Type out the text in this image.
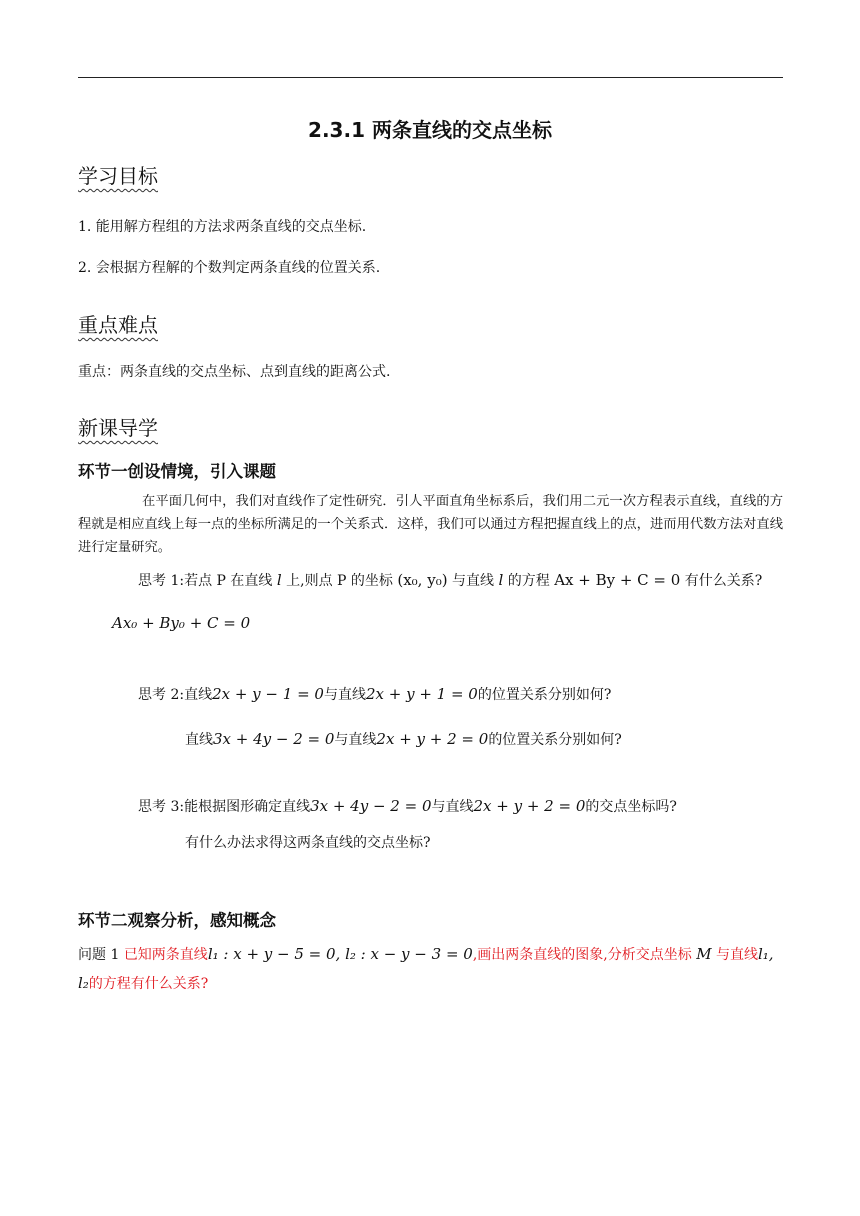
2.3.1 两条直线的交点坐标
学习目标
1. 能用解方程组的方法求两条直线的交点坐标.
2. 会根据方程解的个数判定两条直线的位置关系.
重点难点
重点：两条直线的交点坐标、点到直线的距离公式.
新课导学
环节一创设情境，引入课题
在平面几何中，我们对直线作了定性研究．引人平面直角坐标系后，我们用二元一次方程表示直线，直线的方程就是相应直线上每一点的坐标所满足的一个关系式．这样，我们可以通过方程把握直线上的点，进而用代数方法对直线进行定量研究。
思考 1:若点 P 在直线 l 上,则点 P 的坐标 (x₀, y₀) 与直线 l 的方程 Ax + By + C = 0 有什么关系?
Ax₀ + By₀ + C = 0
思考 2:直线2x + y − 1 = 0与直线2x + y + 1 = 0的位置关系分别如何?
直线3x + 4y − 2 = 0与直线2x + y + 2 = 0的位置关系分别如何?
思考 3:能根据图形确定直线3x + 4y − 2 = 0与直线2x + y + 2 = 0的交点坐标吗?
有什么办法求得这两条直线的交点坐标?
环节二观察分析，感知概念
问题 1 已知两条直线l₁ : x + y − 5 = 0, l₂ : x − y − 3 = 0,画出两条直线的图象,分析交点坐标 M 与直线l₁, l₂的方程有什么关系?
